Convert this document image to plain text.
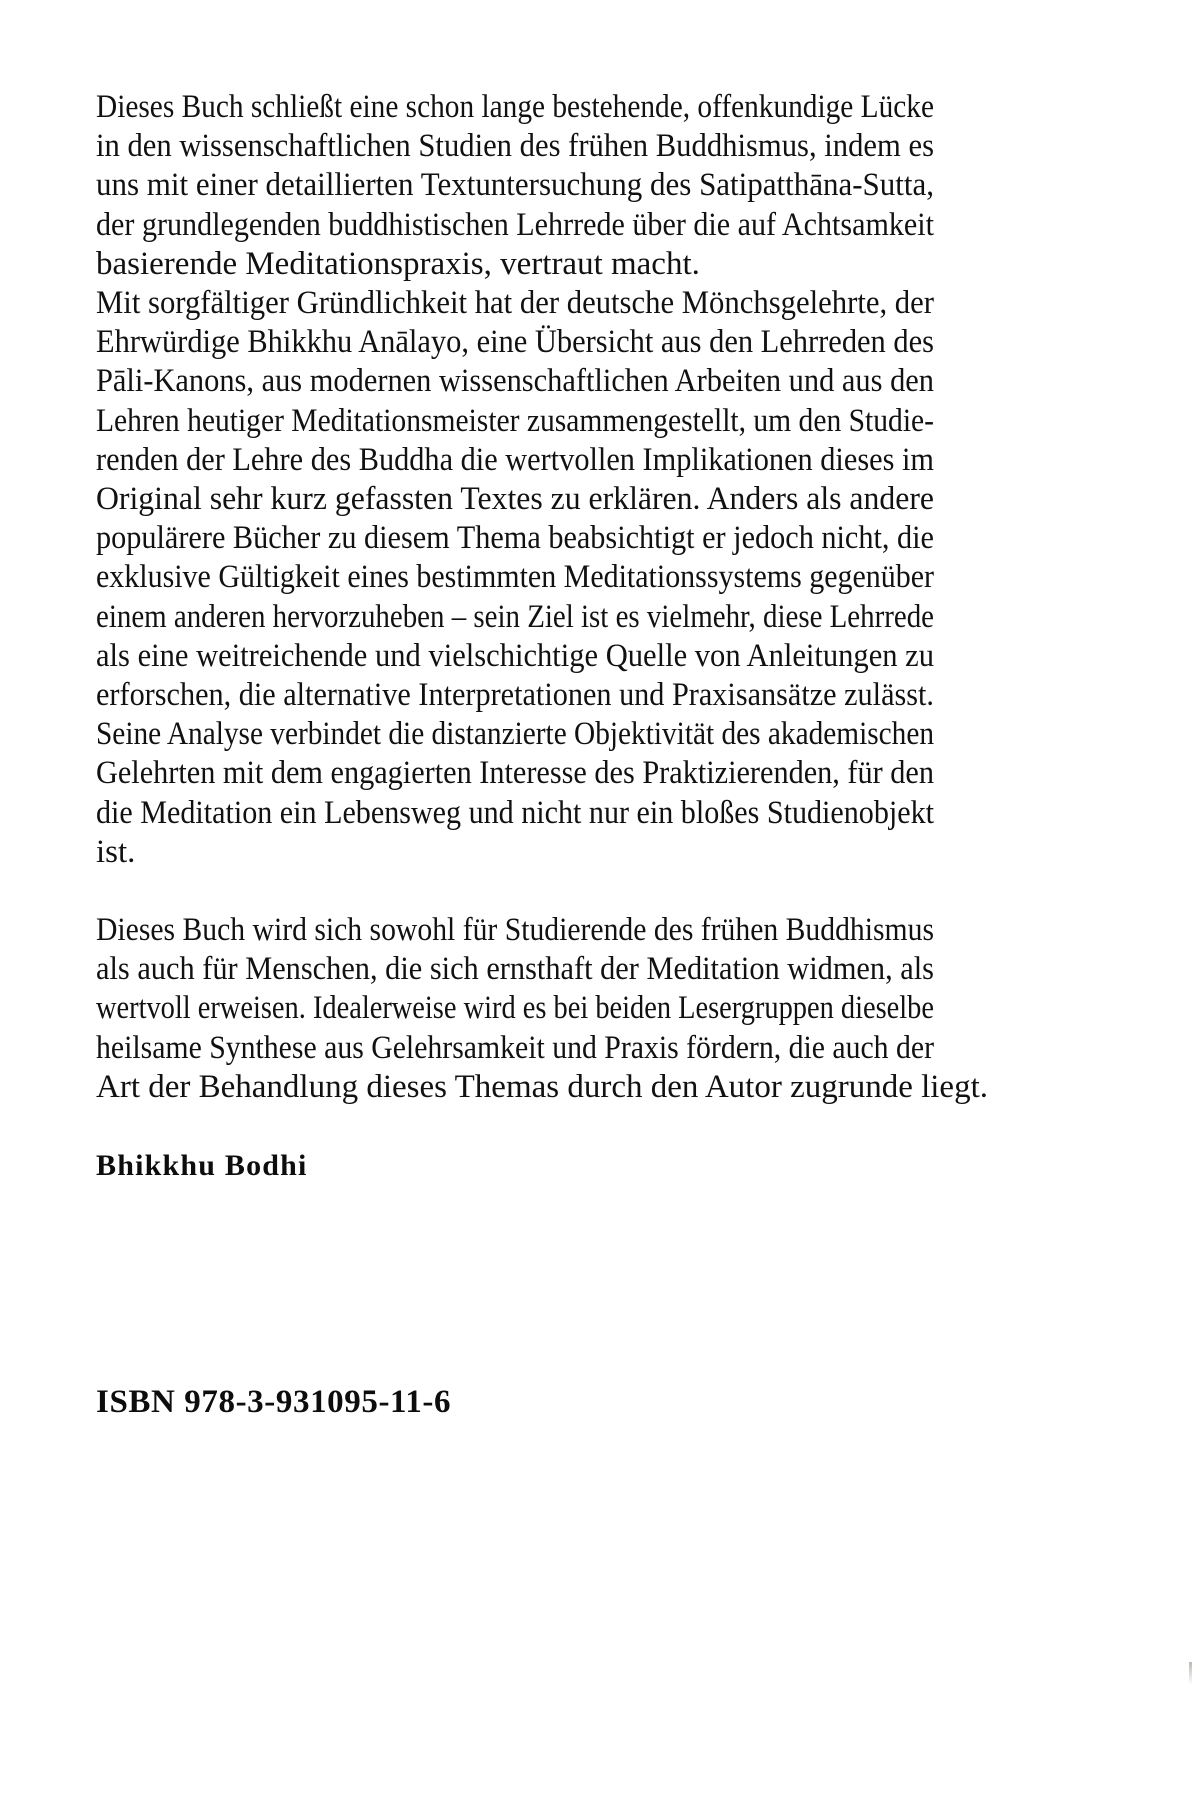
Dieses Buch schließt eine schon lange bestehende, offenkundige Lücke
in den wissenschaftlichen Studien des frühen Buddhismus, indem es
uns mit einer detaillierten Textuntersuchung des Satipatthāna-Sutta,
der grundlegenden buddhistischen Lehrrede über die auf Achtsamkeit
basierende Meditationspraxis, vertraut macht.
Mit sorgfältiger Gründlichkeit hat der deutsche Mönchsgelehrte, der
Ehrwürdige Bhikkhu Anālayo, eine Übersicht aus den Lehrreden des
Pāli-Kanons, aus modernen wissenschaftlichen Arbeiten und aus den
Lehren heutiger Meditationsmeister zusammengestellt, um den Studie-
renden der Lehre des Buddha die wertvollen Implikationen dieses im
Original sehr kurz gefassten Textes zu erklären. Anders als andere
populärere Bücher zu diesem Thema beabsichtigt er jedoch nicht, die
exklusive Gültigkeit eines bestimmten Meditationssystems gegenüber
einem anderen hervorzuheben – sein Ziel ist es vielmehr, diese Lehrrede
als eine weitreichende und vielschichtige Quelle von Anleitungen zu
erforschen, die alternative Interpretationen und Praxisansätze zulässt.
Seine Analyse verbindet die distanzierte Objektivität des akademischen
Gelehrten mit dem engagierten Interesse des Praktizierenden, für den
die Meditation ein Lebensweg und nicht nur ein bloßes Studienobjekt
ist.
Dieses Buch wird sich sowohl für Studierende des frühen Buddhismus
als auch für Menschen, die sich ernsthaft der Meditation widmen, als
wertvoll erweisen. Idealerweise wird es bei beiden Lesergruppen dieselbe
heilsame Synthese aus Gelehrsamkeit und Praxis fördern, die auch der
Art der Behandlung dieses Themas durch den Autor zugrunde liegt.

Bhikkhu Bodhi

ISBN 978-3-931095-11-6
